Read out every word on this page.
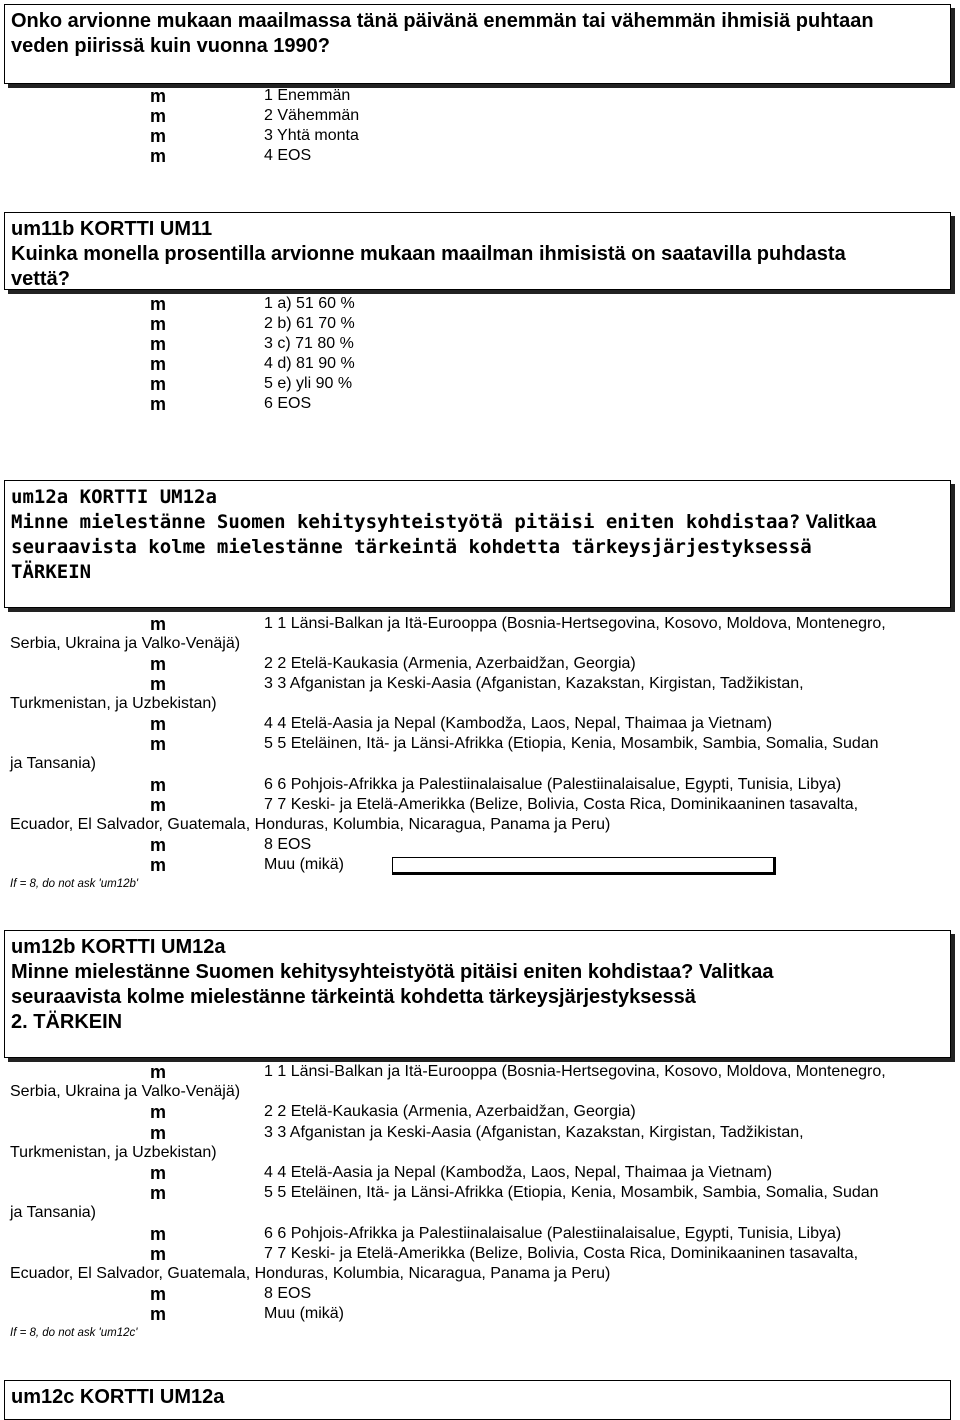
Onko arvionne mukaan maailmassa tänä päivänä enemmän tai vähemmän ihmisiä puhtaan
veden piirissä kuin vuonna 1990?
m	1 Enemmän
m	2 Vähemmän
m	3 Yhtä monta
m	4 EOS
um11b KORTTI UM11
Kuinka monella prosentilla arvionne mukaan maailman ihmisistä on saatavilla puhdasta
vettä?
m	1 a) 51 60 %
m	2 b) 61 70 %
m	3 c) 71 80 %
m	4 d) 81 90 %
m	5 e) yli 90 %
m	6 EOS
um12a KORTTI UM12a
Minne mielestänne Suomen kehitysyhteistyötä pitäisi eniten kohdistaa? Valitkaa
seuraavista kolme mielestänne tärkeintä kohdetta tärkeysjärjestyksessä
TÄRKEIN
m	1 1 Länsi-Balkan ja Itä-Eurooppa (Bosnia-Hertsegovina, Kosovo, Moldova, Montenegro,
Serbia, Ukraina ja Valko-Venäjä)
m	2 2 Etelä-Kaukasia (Armenia, Azerbaidžan, Georgia)
m	3 3 Afganistan ja Keski-Aasia (Afganistan, Kazakstan, Kirgistan, Tadžikistan,
Turkmenistan, ja Uzbekistan)
m	4 4 Etelä-Aasia ja Nepal (Kambodža, Laos, Nepal, Thaimaa ja Vietnam)
m	5 5 Eteläinen, Itä- ja Länsi-Afrikka (Etiopia, Kenia, Mosambik, Sambia, Somalia, Sudan
ja Tansania)
m	6 6 Pohjois-Afrikka ja Palestiinalaisalue (Palestiinalaisalue, Egypti, Tunisia, Libya)
m	7 7 Keski- ja Etelä-Amerikka (Belize, Bolivia, Costa Rica, Dominikaaninen tasavalta,
Ecuador, El Salvador, Guatemala, Honduras, Kolumbia, Nicaragua, Panama ja Peru)
m	8 EOS
m	Muu (mikä)
If = 8, do not ask 'um12b'
um12b KORTTI UM12a
Minne mielestänne Suomen kehitysyhteistyötä pitäisi eniten kohdistaa? Valitkaa
seuraavista kolme mielestänne tärkeintä kohdetta tärkeysjärjestyksessä
2. TÄRKEIN
m	1 1 Länsi-Balkan ja Itä-Eurooppa (Bosnia-Hertsegovina, Kosovo, Moldova, Montenegro,
Serbia, Ukraina ja Valko-Venäjä)
m	2 2 Etelä-Kaukasia (Armenia, Azerbaidžan, Georgia)
m	3 3 Afganistan ja Keski-Aasia (Afganistan, Kazakstan, Kirgistan, Tadžikistan,
Turkmenistan, ja Uzbekistan)
m	4 4 Etelä-Aasia ja Nepal (Kambodža, Laos, Nepal, Thaimaa ja Vietnam)
m	5 5 Eteläinen, Itä- ja Länsi-Afrikka (Etiopia, Kenia, Mosambik, Sambia, Somalia, Sudan
ja Tansania)
m	6 6 Pohjois-Afrikka ja Palestiinalaisalue (Palestiinalaisalue, Egypti, Tunisia, Libya)
m	7 7 Keski- ja Etelä-Amerikka (Belize, Bolivia, Costa Rica, Dominikaaninen tasavalta,
Ecuador, El Salvador, Guatemala, Honduras, Kolumbia, Nicaragua, Panama ja Peru)
m	8 EOS
m	Muu (mikä)
If = 8, do not ask 'um12c'
um12c KORTTI UM12a
